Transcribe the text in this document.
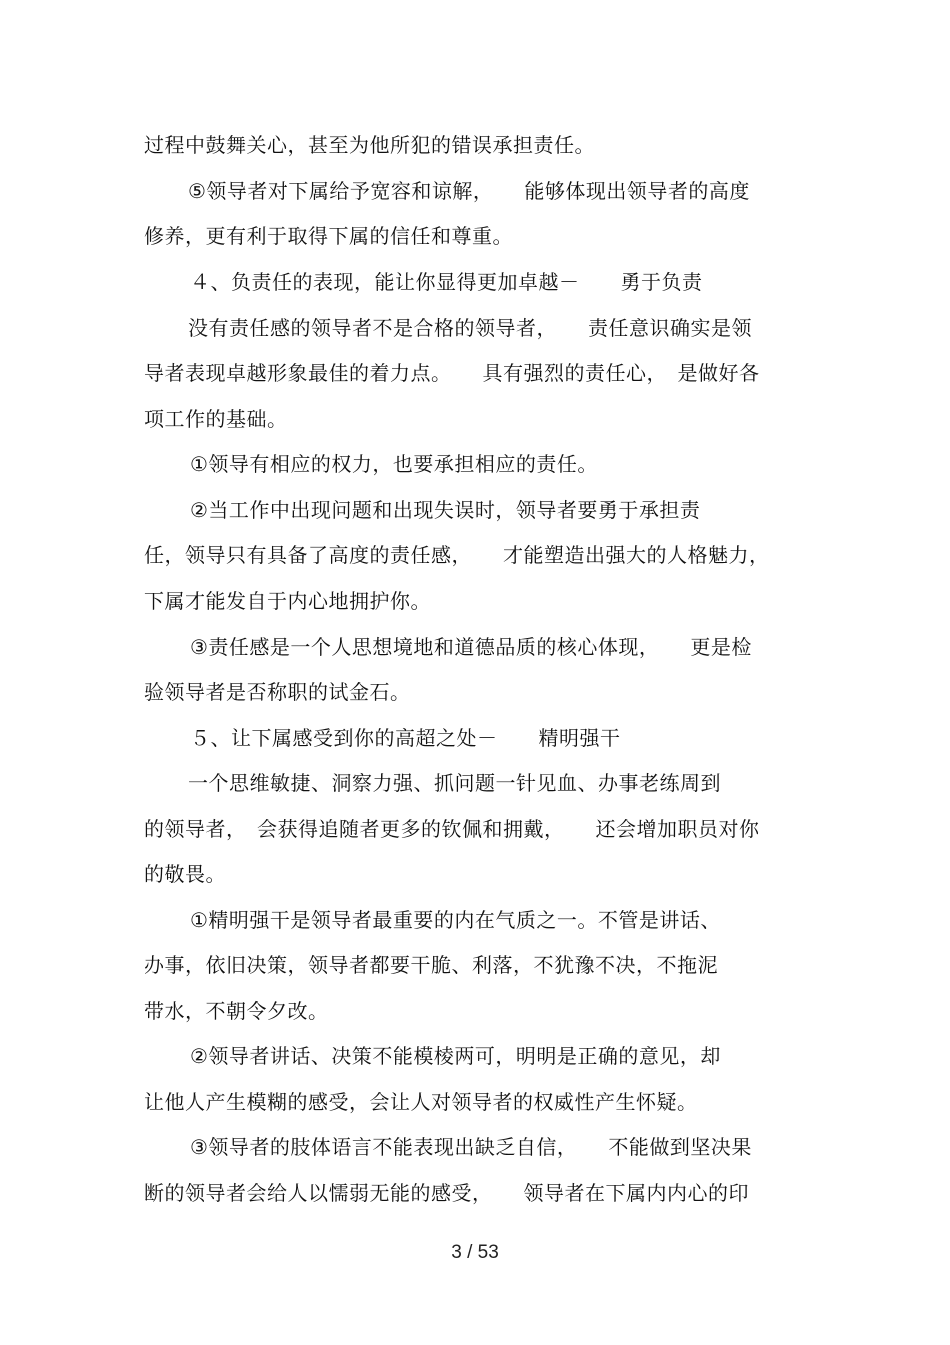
过程中鼓舞关心，甚至为他所犯的错误承担责任。
⑤领导者对下属给予宽容和谅解，　　能够体现出领导者的高度
修养，更有利于取得下属的信任和尊重。
４、负责任的表现，能让你显得更加卓越－　　勇于负责
没有责任感的领导者不是合格的领导者，　　责任意识确实是领
导者表现卓越形象最佳的着力点。　　具有强烈的责任心，　是做好各
项工作的基础。
①领导有相应的权力，也要承担相应的责任。
②当工作中出现问题和出现失误时，领导者要勇于承担责
任，领导只有具备了高度的责任感，　　才能塑造出强大的人格魅力，
下属才能发自于内心地拥护你。
③责任感是一个人思想境地和道德品质的核心体现，　　更是检
验领导者是否称职的试金石。
５、让下属感受到你的高超之处－　　精明强干
一个思维敏捷、洞察力强、抓问题一针见血、办事老练周到
的领导者，　会获得追随者更多的钦佩和拥戴，　　还会增加职员对你
的敬畏。
①精明强干是领导者最重要的内在气质之一。不管是讲话、
办事，依旧决策，领导者都要干脆、利落，不犹豫不决，不拖泥
带水，不朝令夕改。
②领导者讲话、决策不能模棱两可，明明是正确的意见，却
让他人产生模糊的感受，会让人对领导者的权威性产生怀疑。
③领导者的肢体语言不能表现出缺乏自信，　　不能做到坚决果
断的领导者会给人以懦弱无能的感受，　　领导者在下属内内心的印
3 / 53
